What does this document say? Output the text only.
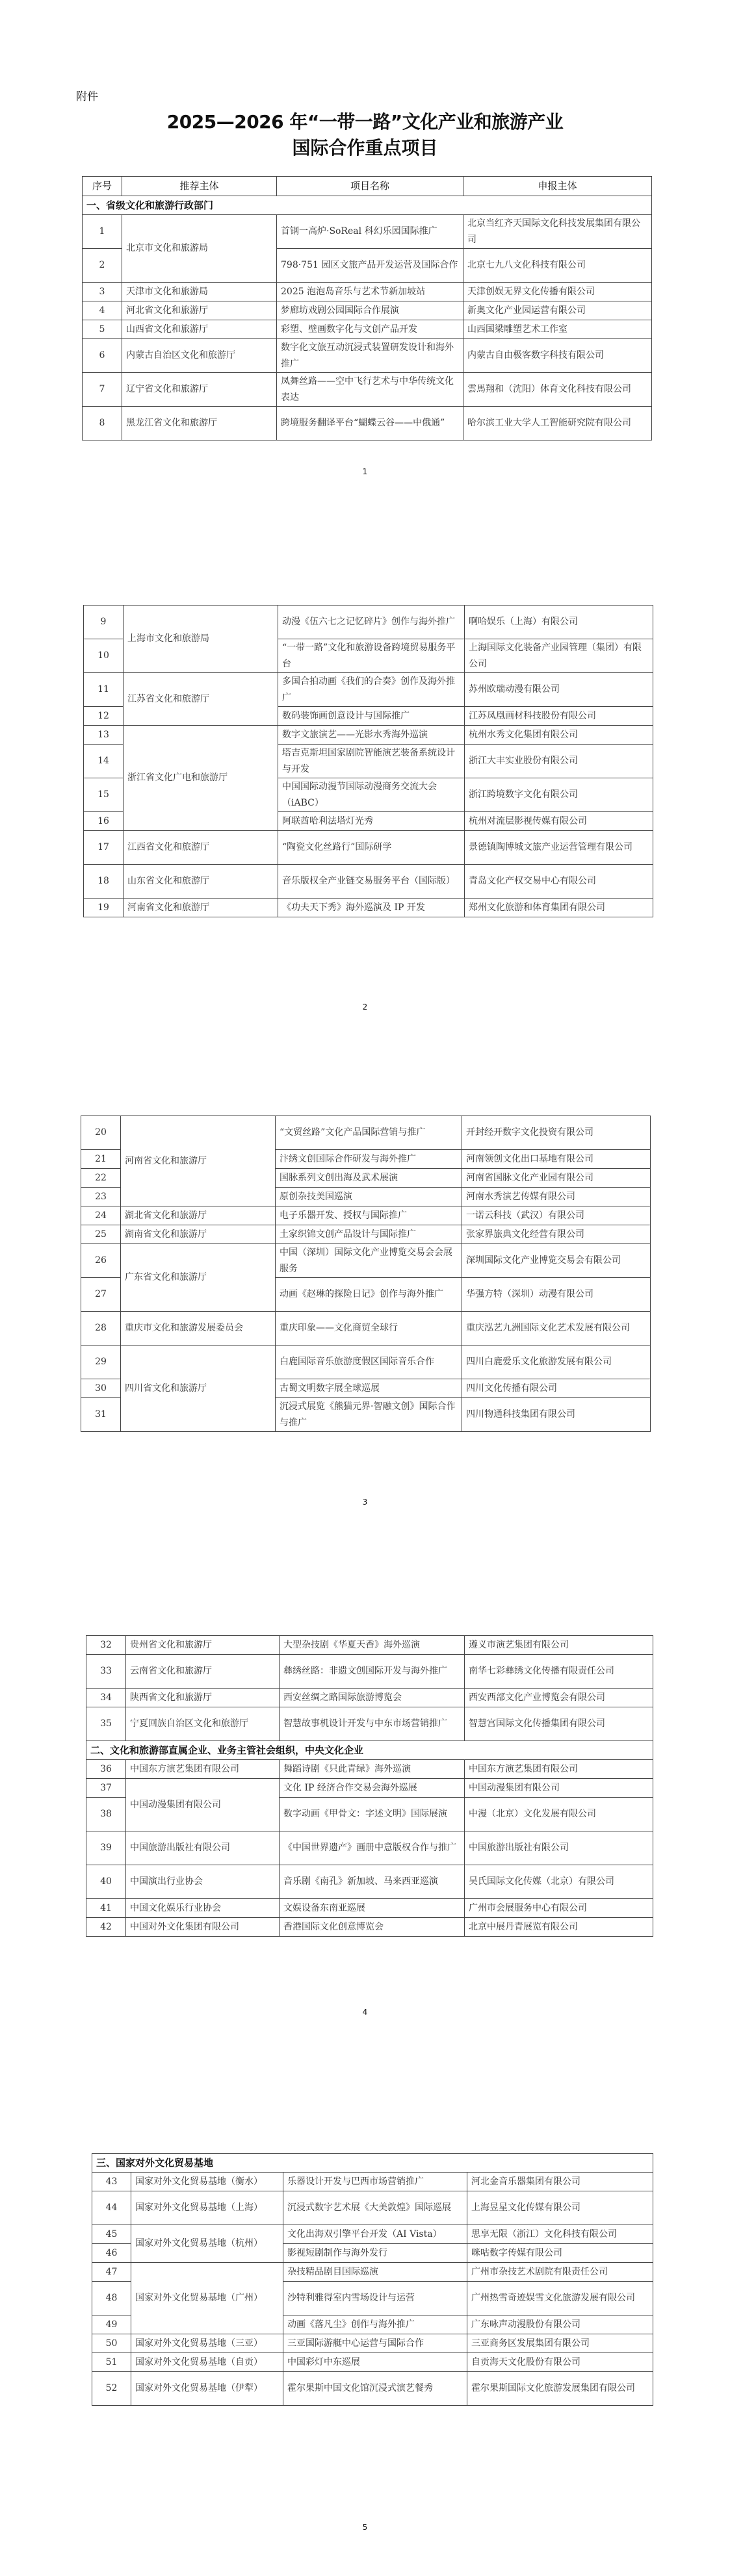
附件
2025—2026 年“一带一路”文化产业和旅游产业
国际合作重点项目
序号	推荐主体	项目名称	申报主体
一、省级文化和旅游行政部门			
1	北京市文化和旅游局	首钢一高炉·SoReal 科幻乐园国际推广	北京当红齐天国际文化科技发展集团有限公司
2		798·751 园区文旅产品开发运营及国际合作	北京七九八文化科技有限公司
3	天津市文化和旅游局	2025 泡泡岛音乐与艺术节新加坡站	天津创娱无界文化传播有限公司
4	河北省文化和旅游厅	梦廊坊戏剧公园国际合作展演	新奥文化产业园运营有限公司
5	山西省文化和旅游厅	彩塑、壁画数字化与文创产品开发	山西国梁雕塑艺术工作室
6	内蒙古自治区文化和旅游厅	数字化文旅互动沉浸式装置研发设计和海外推广	内蒙古自由极客数字科技有限公司
7	辽宁省文化和旅游厅	凤舞丝路——空中飞行艺术与中华传统文化表达	雲馬翔和（沈阳）体育文化科技有限公司
8	黑龙江省文化和旅游厅	跨境服务翻译平台“蝴蝶云谷——中俄通”	哈尔滨工业大学人工智能研究院有限公司
1
9	上海市文化和旅游局	动漫《伍六七之记忆碎片》创作与海外推广	啊哈娱乐（上海）有限公司
10		“一带一路”文化和旅游设备跨境贸易服务平台	上海国际文化装备产业园管理（集团）有限公司
11	江苏省文化和旅游厅	多国合拍动画《我们的合奏》创作及海外推广	苏州欧瑞动漫有限公司
12		数码装饰画创意设计与国际推广	江苏凤凰画材科技股份有限公司
13	浙江省文化广电和旅游厅	数字文旅演艺——光影水秀海外巡演	杭州水秀文化集团有限公司
14		塔吉克斯坦国家剧院智能演艺装备系统设计与开发	浙江大丰实业股份有限公司
15		中国国际动漫节国际动漫商务交流大会（iABC）	浙江跨境数字文化有限公司
16		阿联酋哈利法塔灯光秀	杭州对流层影视传媒有限公司
17	江西省文化和旅游厅	“陶瓷文化丝路行”国际研学	景德镇陶博城文旅产业运营管理有限公司
18	山东省文化和旅游厅	音乐版权全产业链交易服务平台（国际版）	青岛文化产权交易中心有限公司
19	河南省文化和旅游厅	《功夫天下秀》海外巡演及 IP 开发	郑州文化旅游和体育集团有限公司
2
20	河南省文化和旅游厅	“文贸丝路”文化产品国际营销与推广	开封经开数字文化投资有限公司
21		汴绣文创国际合作研发与海外推广	河南领创文化出口基地有限公司
22		国脉系列文创出海及武术展演	河南省国脉文化产业园有限公司
23		原创杂技美国巡演	河南水秀演艺传媒有限公司
24	湖北省文化和旅游厅	电子乐器开发、授权与国际推广	一诺云科技（武汉）有限公司
25	湖南省文化和旅游厅	土家织锦文创产品设计与国际推广	张家界旅典文化经营有限公司
26	广东省文化和旅游厅	中国（深圳）国际文化产业博览交易会会展服务	深圳国际文化产业博览交易会有限公司
27		动画《赵琳的探险日记》创作与海外推广	华强方特（深圳）动漫有限公司
28	重庆市文化和旅游发展委员会	重庆印象——文化商贸全球行	重庆泓艺九洲国际文化艺术发展有限公司
29	四川省文化和旅游厅	白鹿国际音乐旅游度假区国际音乐合作	四川白鹿爱乐文化旅游发展有限公司
30		古蜀文明数字展全球巡展	四川文化传播有限公司
31		沉浸式展览《熊猫元界·智融文创》国际合作与推广	四川物通科技集团有限公司
3
32	贵州省文化和旅游厅	大型杂技剧《华夏天香》海外巡演	遵义市演艺集团有限公司
33	云南省文化和旅游厅	彝绣丝路：非遗文创国际开发与海外推广	南华七彩彝绣文化传播有限责任公司
34	陕西省文化和旅游厅	西安丝绸之路国际旅游博览会	西安西部文化产业博览会有限公司
35	宁夏回族自治区文化和旅游厅	智慧故事机设计开发与中东市场营销推广	智慧宫国际文化传播集团有限公司
二、文化和旅游部直属企业、业务主管社会组织，中央文化企业			
36	中国东方演艺集团有限公司	舞蹈诗剧《只此青绿》海外巡演	中国东方演艺集团有限公司
37	中国动漫集团有限公司	文化 IP 经济合作交易会海外巡展	中国动漫集团有限公司
38		数字动画《甲骨文：字述文明》国际展演	中漫（北京）文化发展有限公司
39	中国旅游出版社有限公司	《中国世界遗产》画册中意版权合作与推广	中国旅游出版社有限公司
40	中国演出行业协会	音乐剧《南孔》新加坡、马来西亚巡演	吴氏国际文化传媒（北京）有限公司
41	中国文化娱乐行业协会	文娱设备东南亚巡展	广州市会展服务中心有限公司
42	中国对外文化集团有限公司	香港国际文化创意博览会	北京中展丹青展览有限公司
4
三、国家对外文化贸易基地			
43	国家对外文化贸易基地（衡水）	乐器设计开发与巴西市场营销推广	河北金音乐器集团有限公司
44	国家对外文化贸易基地（上海）	沉浸式数字艺术展《大美敦煌》国际巡展	上海昱星文化传媒有限公司
45	国家对外文化贸易基地（杭州）	文化出海双引擎平台开发（AI Vista）	思享无限（浙江）文化科技有限公司
46		影视短剧制作与海外发行	咪咕数字传媒有限公司
47	国家对外文化贸易基地（广州）	杂技精品剧目国际巡演	广州市杂技艺术剧院有限责任公司
48		沙特利雅得室内雪场设计与运营	广州热雪奇迹娱雪文化旅游发展有限公司
49		动画《落凡尘》创作与海外推广	广东咏声动漫股份有限公司
50	国家对外文化贸易基地（三亚）	三亚国际游艇中心运营与国际合作	三亚商务区发展集团有限公司
51	国家对外文化贸易基地（自贡）	中国彩灯中东巡展	自贡海天文化股份有限公司
52	国家对外文化贸易基地（伊犁）	霍尔果斯中国文化馆沉浸式演艺餐秀	霍尔果斯国际文化旅游发展集团有限公司
5
